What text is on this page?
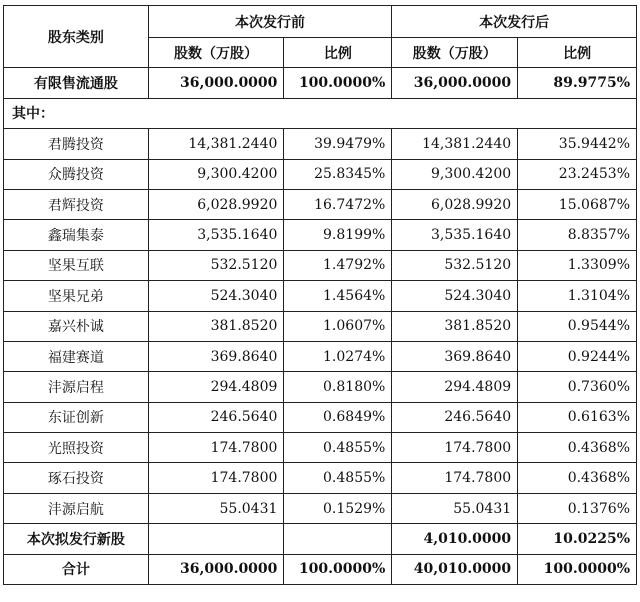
股东类别	本次发行前		本次发行后	
	股数（万股）	比例	股数（万股）	比例
有限售流通股	36,000.0000	100.0000%	36,000.0000	89.9775%
其中：				
君腾投资	14,381.2440	39.9479%	14,381.2440	35.9442%
众腾投资	9,300.4200	25.8345%	9,300.4200	23.2453%
君辉投资	6,028.9920	16.7472%	6,028.9920	15.0687%
鑫瑞集泰	3,535.1640	9.8199%	3,535.1640	8.8357%
坚果互联	532.5120	1.4792%	532.5120	1.3309%
坚果兄弟	524.3040	1.4564%	524.3040	1.3104%
嘉兴朴诚	381.8520	1.0607%	381.8520	0.9544%
福建赛道	369.8640	1.0274%	369.8640	0.9244%
沣源启程	294.4809	0.8180%	294.4809	0.7360%
东证创新	246.5640	0.6849%	246.5640	0.6163%
光照投资	174.7800	0.4855%	174.7800	0.4368%
琢石投资	174.7800	0.4855%	174.7800	0.4368%
沣源启航	55.0431	0.1529%	55.0431	0.1376%
本次拟发行新股			4,010.0000	10.0225%
合计	36,000.0000	100.0000%	40,010.0000	100.0000%
